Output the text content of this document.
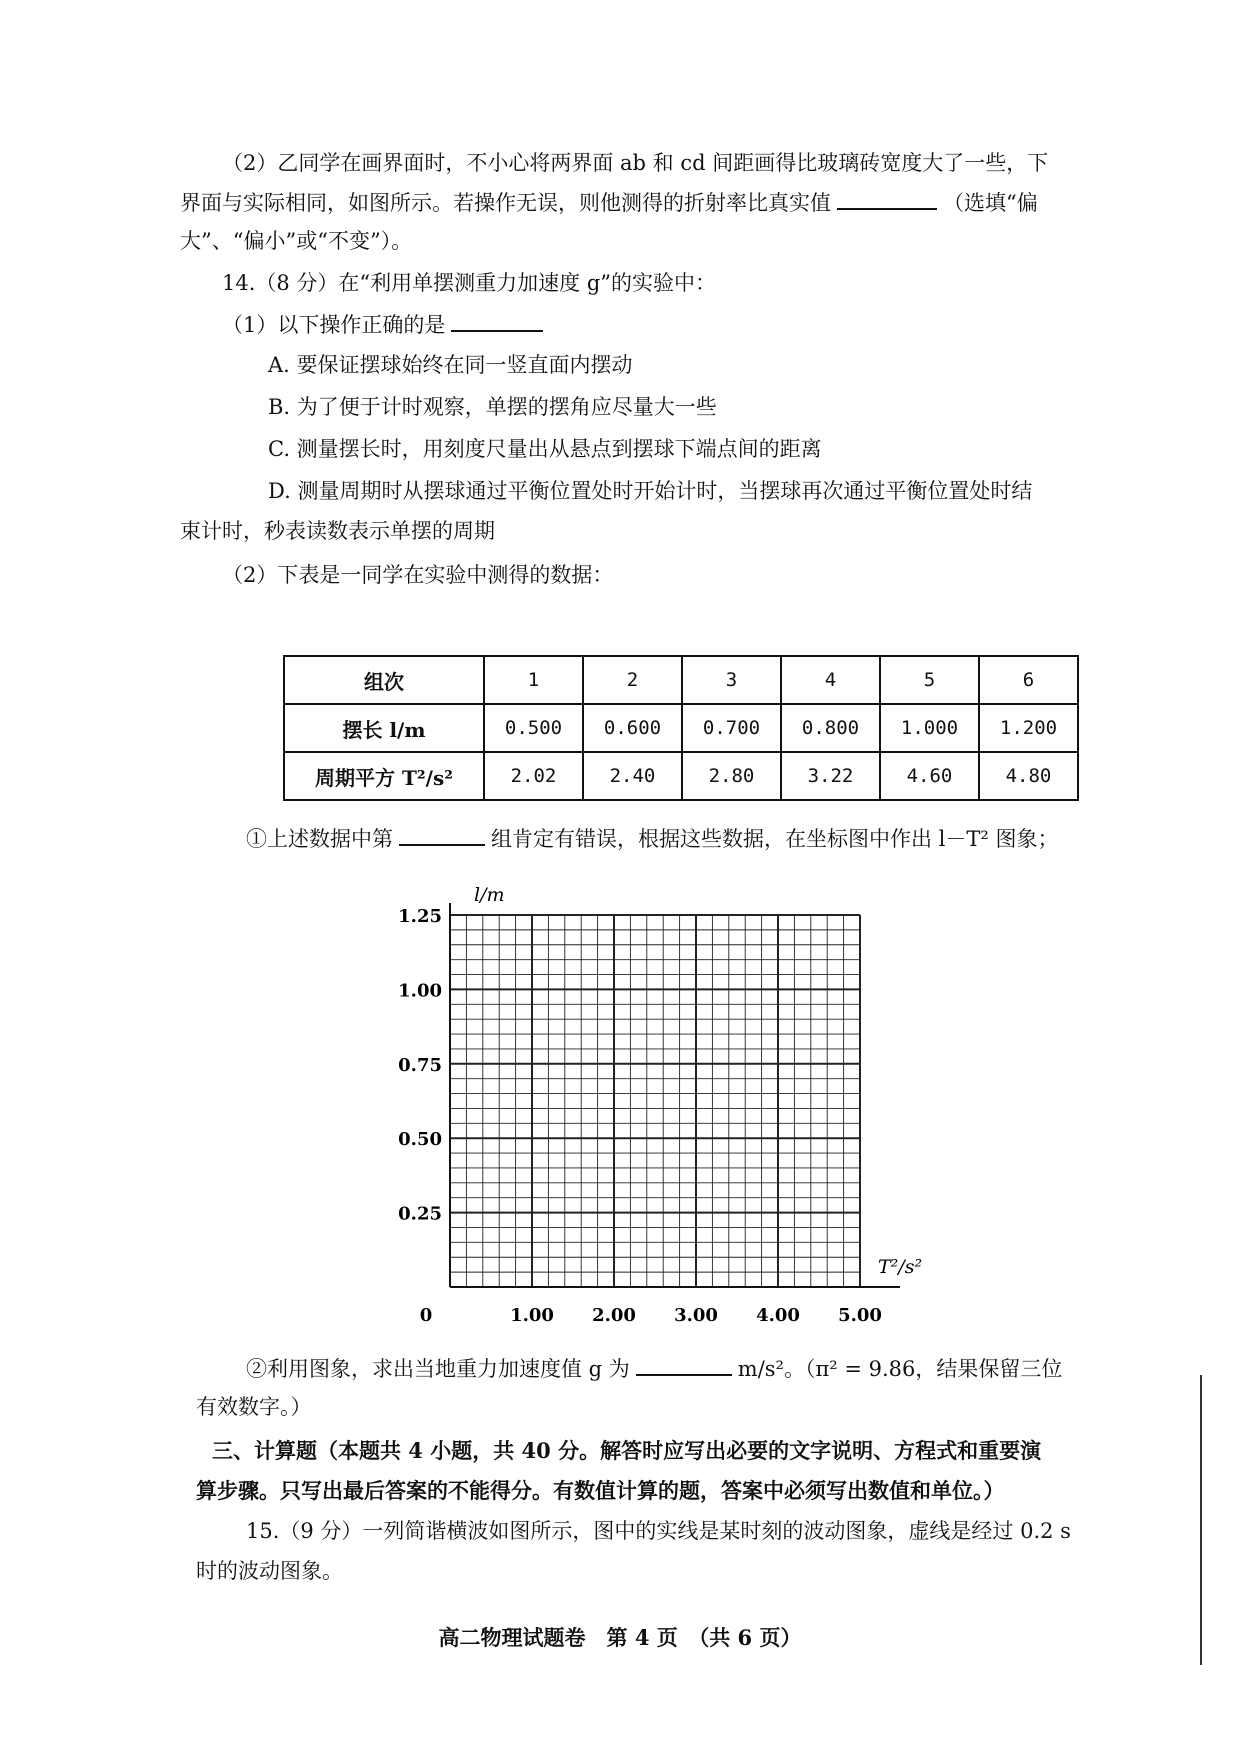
（2）乙同学在画界面时，不小心将两界面 ab 和 cd 间距画得比玻璃砖宽度大了一些，下
界面与实际相同，如图所示。若操作无误，则他测得的折射率比真实值	（选填“偏
大”、“偏小”或“不变”）。
14.（8 分）在“利用单摆测重力加速度 g”的实验中：
（1）以下操作正确的是
A. 要保证摆球始终在同一竖直面内摆动
B. 为了便于计时观察，单摆的摆角应尽量大一些
C. 测量摆长时，用刻度尺量出从悬点到摆球下端点间的距离
D. 测量周期时从摆球通过平衡位置处时开始计时，当摆球再次通过平衡位置处时结
束计时，秒表读数表示单摆的周期
（2）下表是一同学在实验中测得的数据：
组次	1	2	3	4	5	6
摆长 l/m	0.500	0.600	0.700	0.800	1.000	1.200
周期平方 T²/s²	2.02	2.40	2.80	3.22	4.60	4.80
①上述数据中第	组肯定有错误，根据这些数据，在坐标图中作出 l－T² 图象；
0.25
0.50
0.75
1.00
1.25
1.00 2.00 3.00 4.00 5.00
0
l/m
T²/s²
②利用图象，求出当地重力加速度值 g 为	m/s²。（π² = 9.86，结果保留三位
有效数字。）
三、计算题（本题共 4 小题，共 40 分。解答时应写出必要的文字说明、方程式和重要演
算步骤。只写出最后答案的不能得分。有数值计算的题，答案中必须写出数值和单位。）
15.（9 分）一列简谐横波如图所示，图中的实线是某时刻的波动图象，虚线是经过 0.2 s
时的波动图象。
高二物理试题卷　第 4 页　（共 6 页）
